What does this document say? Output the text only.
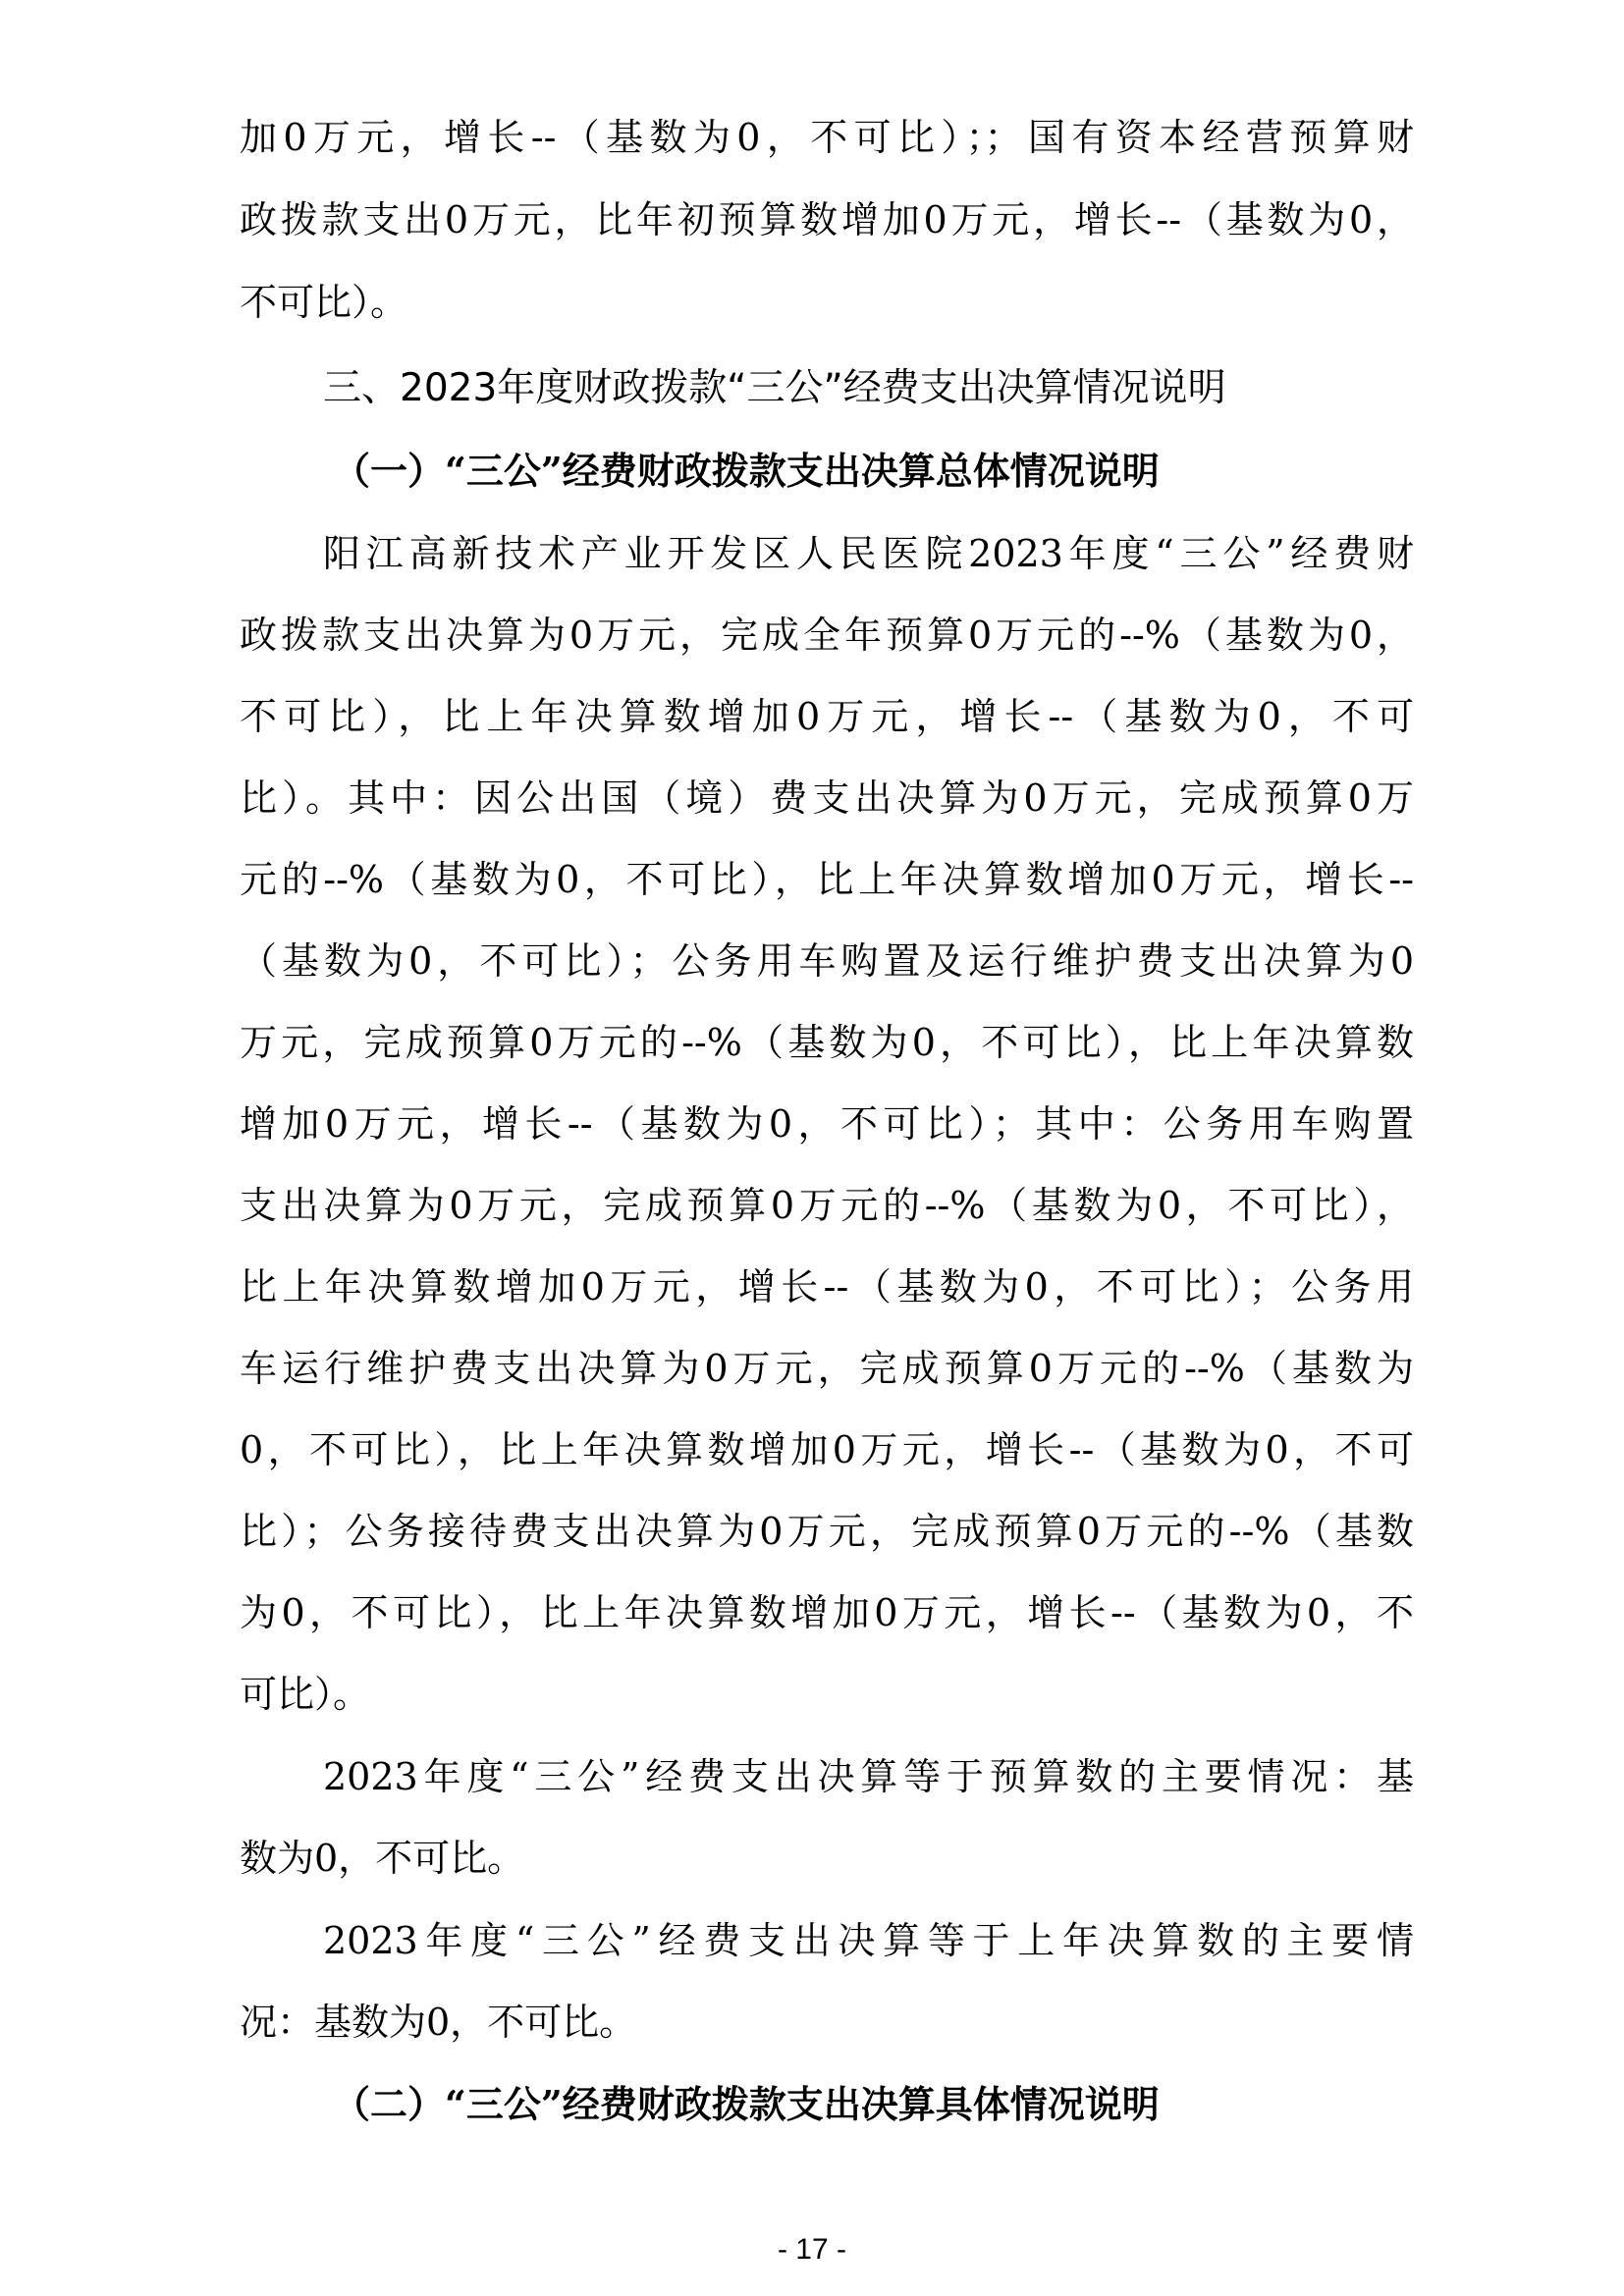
加0万元，增长--（基数为0，不可比）；；国有资本经营预算财
政拨款支出0万元，比年初预算数增加0万元，增长--（基数为0，
不可比）。
三、2023年度财政拨款“三公”经费支出决算情况说明
（一）“三公”经费财政拨款支出决算总体情况说明
阳江高新技术产业开发区人民医院2023年度“三公”经费财
政拨款支出决算为0万元，完成全年预算0万元的--%（基数为0，
不可比），比上年决算数增加0万元，增长--（基数为0，不可
比）。其中：因公出国（境）费支出决算为0万元，完成预算0万
元的--%（基数为0，不可比），比上年决算数增加0万元，增长--
（基数为0，不可比）；公务用车购置及运行维护费支出决算为0
万元，完成预算0万元的--%（基数为0，不可比），比上年决算数
增加0万元，增长--（基数为0，不可比）；其中：公务用车购置
支出决算为0万元，完成预算0万元的--%（基数为0，不可比），
比上年决算数增加0万元，增长--（基数为0，不可比）；公务用
车运行维护费支出决算为0万元，完成预算0万元的--%（基数为
0，不可比），比上年决算数增加0万元，增长--（基数为0，不可
比）；公务接待费支出决算为0万元，完成预算0万元的--%（基数
为0，不可比），比上年决算数增加0万元，增长--（基数为0，不
可比）。
2023年度“三公”经费支出决算等于预算数的主要情况：基
数为0，不可比。
2023年度“三公”经费支出决算等于上年决算数的主要情
况：基数为0，不可比。
（二）“三公”经费财政拨款支出决算具体情况说明
- 17 -
